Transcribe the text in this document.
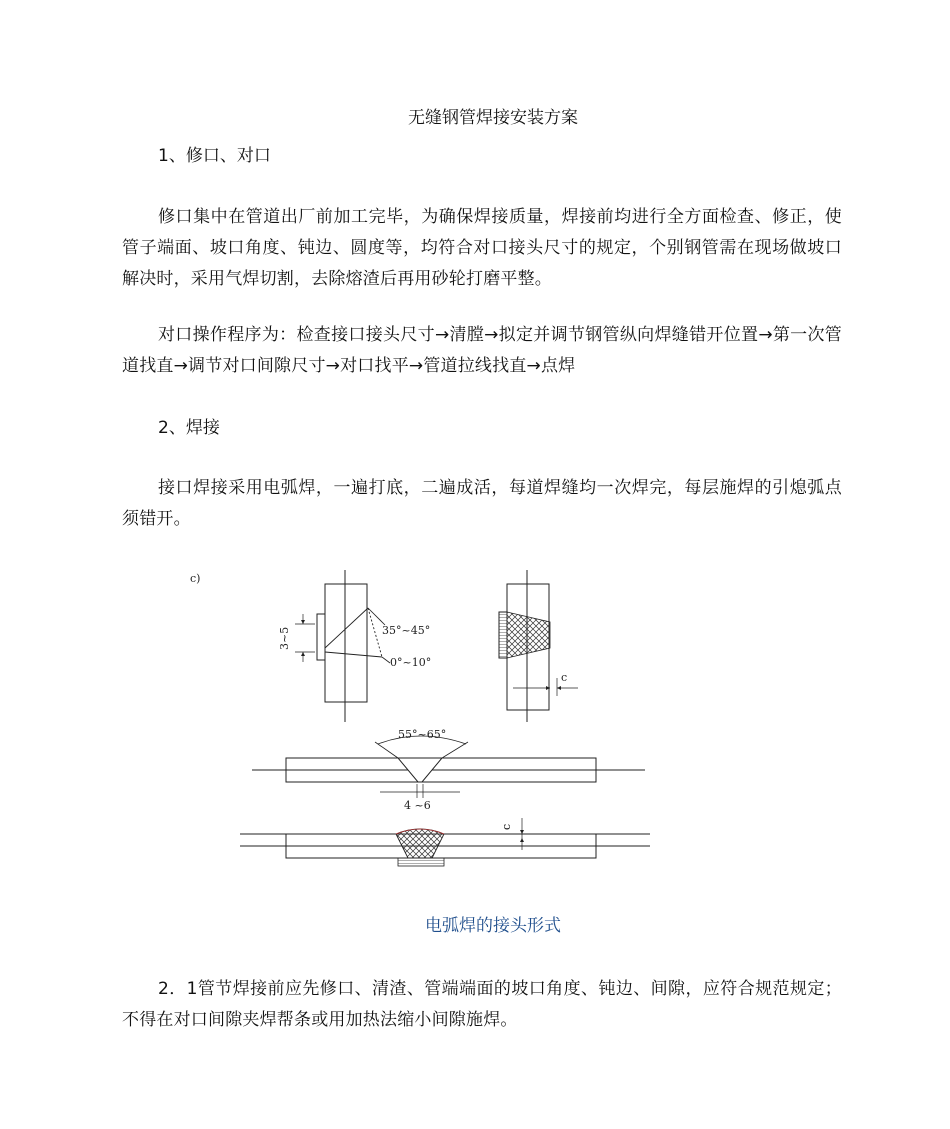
无缝钢管焊接安装方案
1、修口、对口
修口集中在管道出厂前加工完毕，为确保焊接质量，焊接前均进行全方面检查、修正，使管子端面、坡口角度、钝边、圆度等，均符合对口接头尺寸的规定，个别钢管需在现场做坡口解决时，采用气焊切割，去除熔渣后再用砂轮打磨平整。
对口操作程序为：检查接口接头尺寸→清膛→拟定并调节钢管纵向焊缝错开位置→第一次管道找直→调节对口间隙尺寸→对口找平→管道拉线找直→点焊
2、焊接
接口焊接采用电弧焊，一遍打底，二遍成活，每道焊缝均一次焊完，每层施焊的引熄弧点须错开。
c)
3~5	35°~45°
0°~10°
c
55°~65°
4 ~6
c
电弧焊的接头形式
2．1管节焊接前应先修口、清渣、管端端面的坡口角度、钝边、间隙，应符合规范规定；不得在对口间隙夹焊帮条或用加热法缩小间隙施焊。
